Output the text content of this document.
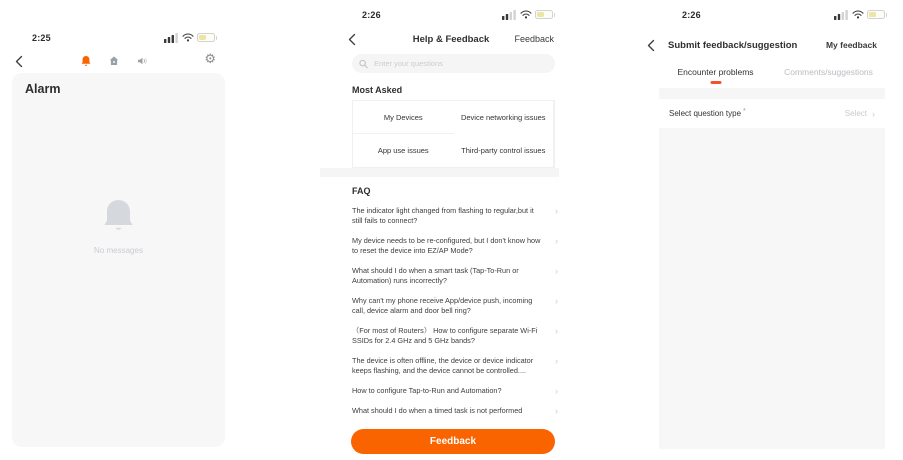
2:25
⚙
Alarm
No messages
2:26
Help & Feedback	Feedback
Enter your questions
Most Asked
My Devices	Device networking issues
App use issues	Third-party control issues
FAQ
The indicator light changed from flashing to regular,but it still fails to connect?
›
My device needs to be re-configured, but I don't know how to reset the device into EZ/AP Mode?
›
What should I do when a smart task (Tap-To-Run or Automation) runs incorrectly?
›
Why can't my phone receive App/device push, incoming call, device alarm and door bell ring?
›
（For most of Routers） How to configure separate Wi-Fi SSIDs for 2.4 GHz and 5 GHz bands?
›
The device is often offline, the device or device indicator keeps flashing, and the device cannot be controlled....
›
How to configure Tap-to-Run and Automation?	›
What should I do when a timed task is not performed	›
Feedback
2:26
Submit feedback/suggestion	My feedback
Encounter problems	Comments/suggestions
Select question type *	Select ›
